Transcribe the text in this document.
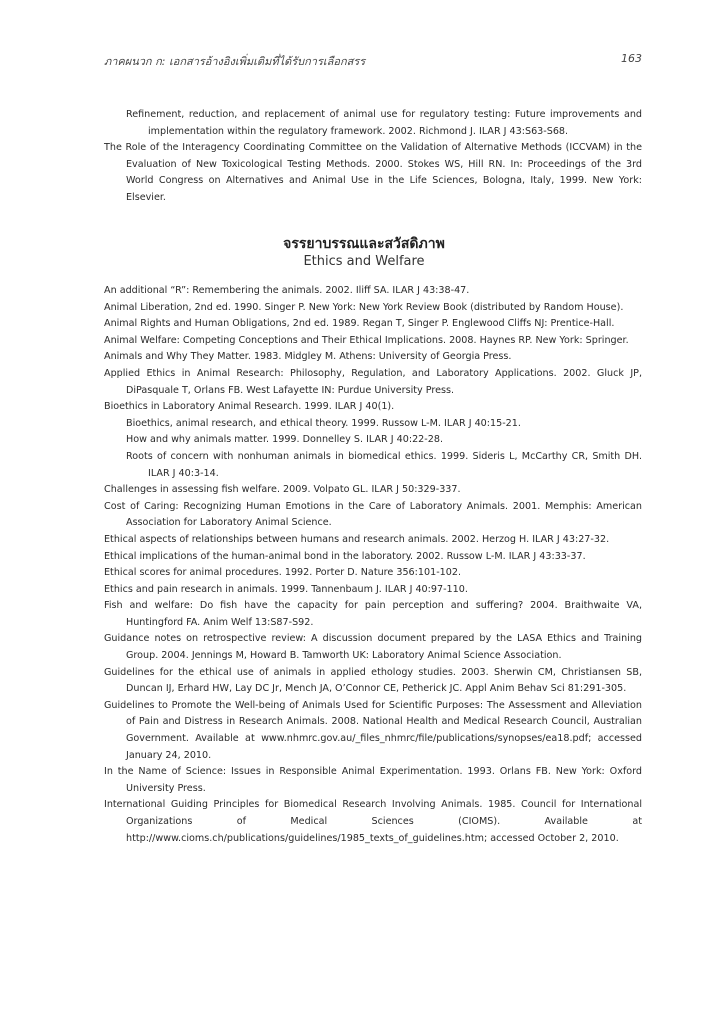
ภาคผนวก ก: เอกสารอ้างอิงเพิ่มเติมที่ได้รับการเลือกสรร	163
Refinement, reduction, and replacement of animal use for regulatory testing: Future improvements and implementation within the regulatory framework. 2002. Richmond J. ILAR J 43:S63-S68.
The Role of the Interagency Coordinating Committee on the Validation of Alternative Methods (ICCVAM) in the Evaluation of New Toxicological Testing Methods. 2000. Stokes WS, Hill RN. In: Proceedings of the 3rd World Congress on Alternatives and Animal Use in the Life Sciences, Bologna, Italy, 1999. New York: Elsevier.
จรรยาบรรณและสวัสดิภาพ
Ethics and Welfare
An additional “R”: Remembering the animals. 2002. Iliff SA. ILAR J 43:38-47.
Animal Liberation, 2nd ed. 1990. Singer P. New York: New York Review Book (distributed by Random House).
Animal Rights and Human Obligations, 2nd ed. 1989. Regan T, Singer P. Englewood Cliffs NJ: Prentice-Hall.
Animal Welfare: Competing Conceptions and Their Ethical Implications. 2008. Haynes RP. New York: Springer.
Animals and Why They Matter. 1983. Midgley M. Athens: University of Georgia Press.
Applied Ethics in Animal Research: Philosophy, Regulation, and Laboratory Applications. 2002. Gluck JP, DiPasquale T, Orlans FB. West Lafayette IN: Purdue University Press.
Bioethics in Laboratory Animal Research. 1999. ILAR J 40(1).
Bioethics, animal research, and ethical theory. 1999. Russow L-M. ILAR J 40:15-21.
How and why animals matter. 1999. Donnelley S. ILAR J 40:22-28.
Roots of concern with nonhuman animals in biomedical ethics. 1999. Sideris L, McCarthy CR, Smith DH. ILAR J 40:3-14.
Challenges in assessing fish welfare. 2009. Volpato GL. ILAR J 50:329-337.
Cost of Caring: Recognizing Human Emotions in the Care of Laboratory Animals. 2001. Memphis: American Association for Laboratory Animal Science.
Ethical aspects of relationships between humans and research animals. 2002. Herzog H. ILAR J 43:27-32.
Ethical implications of the human-animal bond in the laboratory. 2002. Russow L-M. ILAR J 43:33-37.
Ethical scores for animal procedures. 1992. Porter D. Nature 356:101-102.
Ethics and pain research in animals. 1999. Tannenbaum J. ILAR J 40:97-110.
Fish and welfare: Do fish have the capacity for pain perception and suffering? 2004. Braithwaite VA, Huntingford FA. Anim Welf 13:S87-S92.
Guidance notes on retrospective review: A discussion document prepared by the LASA Ethics and Training Group. 2004. Jennings M, Howard B. Tamworth UK: Laboratory Animal Science Association.
Guidelines for the ethical use of animals in applied ethology studies. 2003. Sherwin CM, Christiansen SB, Duncan IJ, Erhard HW, Lay DC Jr, Mench JA, O’Connor CE, Petherick JC. Appl Anim Behav Sci 81:291-305.
Guidelines to Promote the Well-being of Animals Used for Scientific Purposes: The Assessment and Alleviation of Pain and Distress in Research Animals. 2008. National Health and Medical Research Council, Australian Government. Available at www.nhmrc.gov.au/_files_nhmrc/file/publications/synopses/ea18.pdf; accessed January 24, 2010.
In the Name of Science: Issues in Responsible Animal Experimentation. 1993. Orlans FB. New York: Oxford University Press.
International Guiding Principles for Biomedical Research Involving Animals. 1985. Council for International Organizations of Medical Sciences (CIOMS). Available at http://www.cioms.ch/publications/guidelines/1985_texts_of_guidelines.htm; accessed October 2, 2010.
